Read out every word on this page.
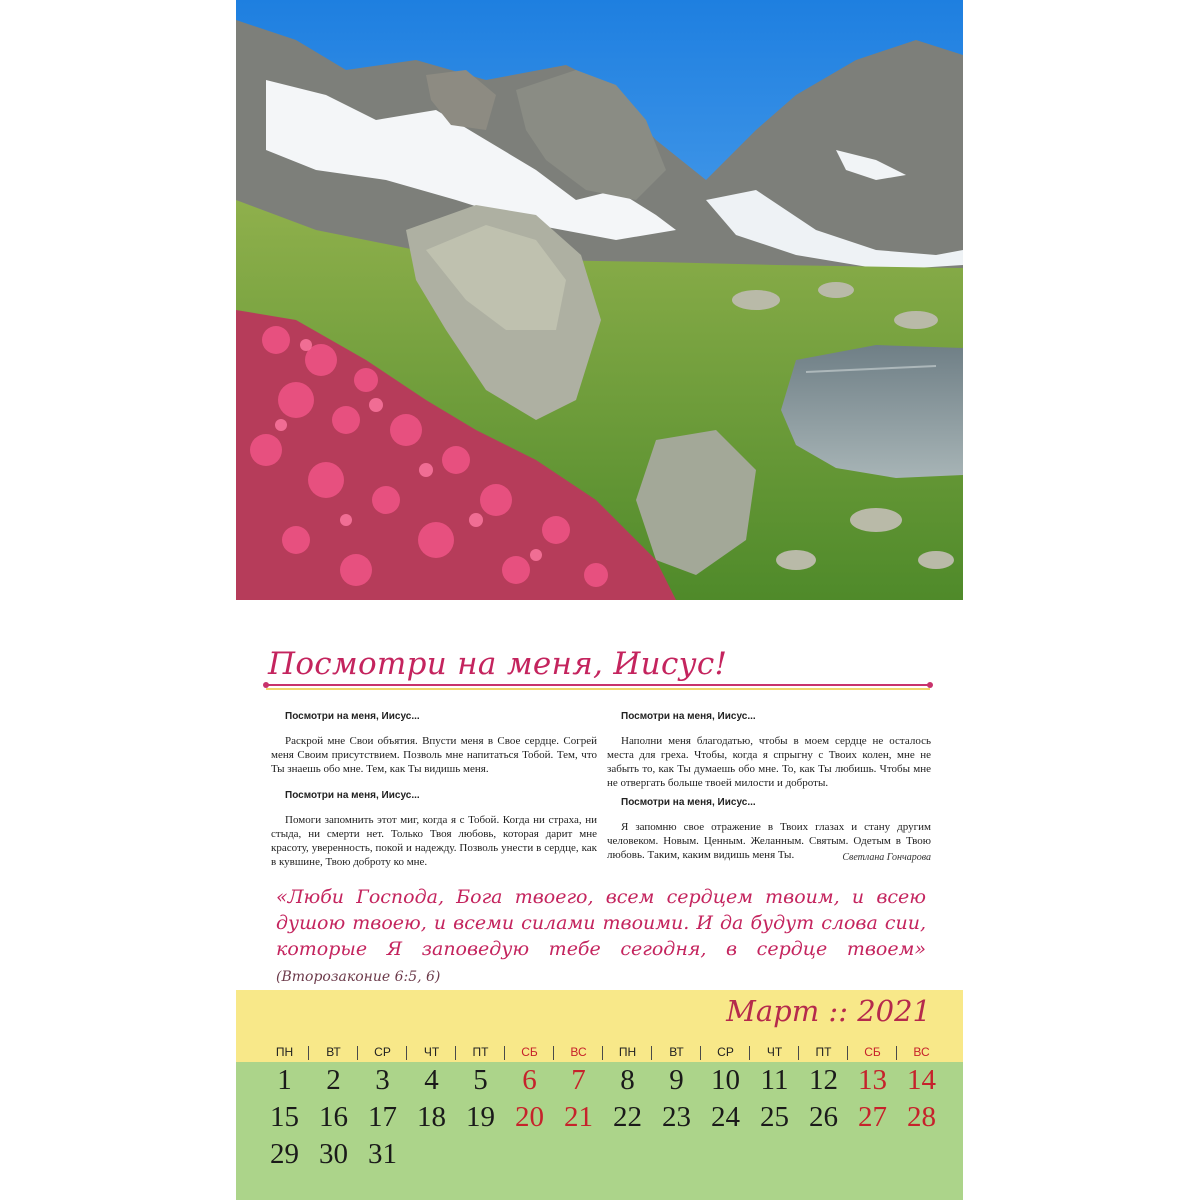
Посмотри на меня, Иисус!
Посмотри на меня, Иисус...
Раскрой мне Свои объятия. Впусти меня в Свое сердце. Согрей меня Своим присутствием. Позволь мне напитаться Тобой. Тем, что Ты знаешь обо мне. Тем, как Ты видишь меня.
Посмотри на меня, Иисус...
Помоги запомнить этот миг, когда я с Тобой. Когда ни страха, ни стыда, ни смерти нет. Только Твоя любовь, которая дарит мне красоту, уверенность, покой и надежду. Позволь унести в сердце, как в кувшине, Твою доброту ко мне.
Посмотри на меня, Иисус...
Наполни меня благодатью, чтобы в моем сердце не осталось места для греха. Чтобы, когда я спрыгну с Твоих колен, мне не забыть то, как Ты думаешь обо мне. То, как Ты любишь. Чтобы мне не отвергать больше твоей милости и доброты.
Посмотри на меня, Иисус...
Я запомню свое отражение в Твоих глазах и стану другим человеком. Новым. Ценным. Желанным. Святым. Одетым в Твою любовь. Таким, каким видишь меня Ты.	Светлана Гончарова
«Люби Господа, Бога твоего, всем сердцем твоим, и всею душою твоею, и всеми силами твоими. И да будут слова сии, которые Я заповедую тебе сегодня, в сердце твоем» (Второзаконие 6:5, 6)
Март :: 2021
ПН
1
15
29
ВТ
2
16
30
СР
3
17
31
ЧТ
4
18
ПТ
5
19
СБ
6
20
ВС
7
21
ПН
8
22
ВТ
9
23
СР
10
24
ЧТ
11
25
ПТ
12
26
СБ
13
27
ВС
14
28
